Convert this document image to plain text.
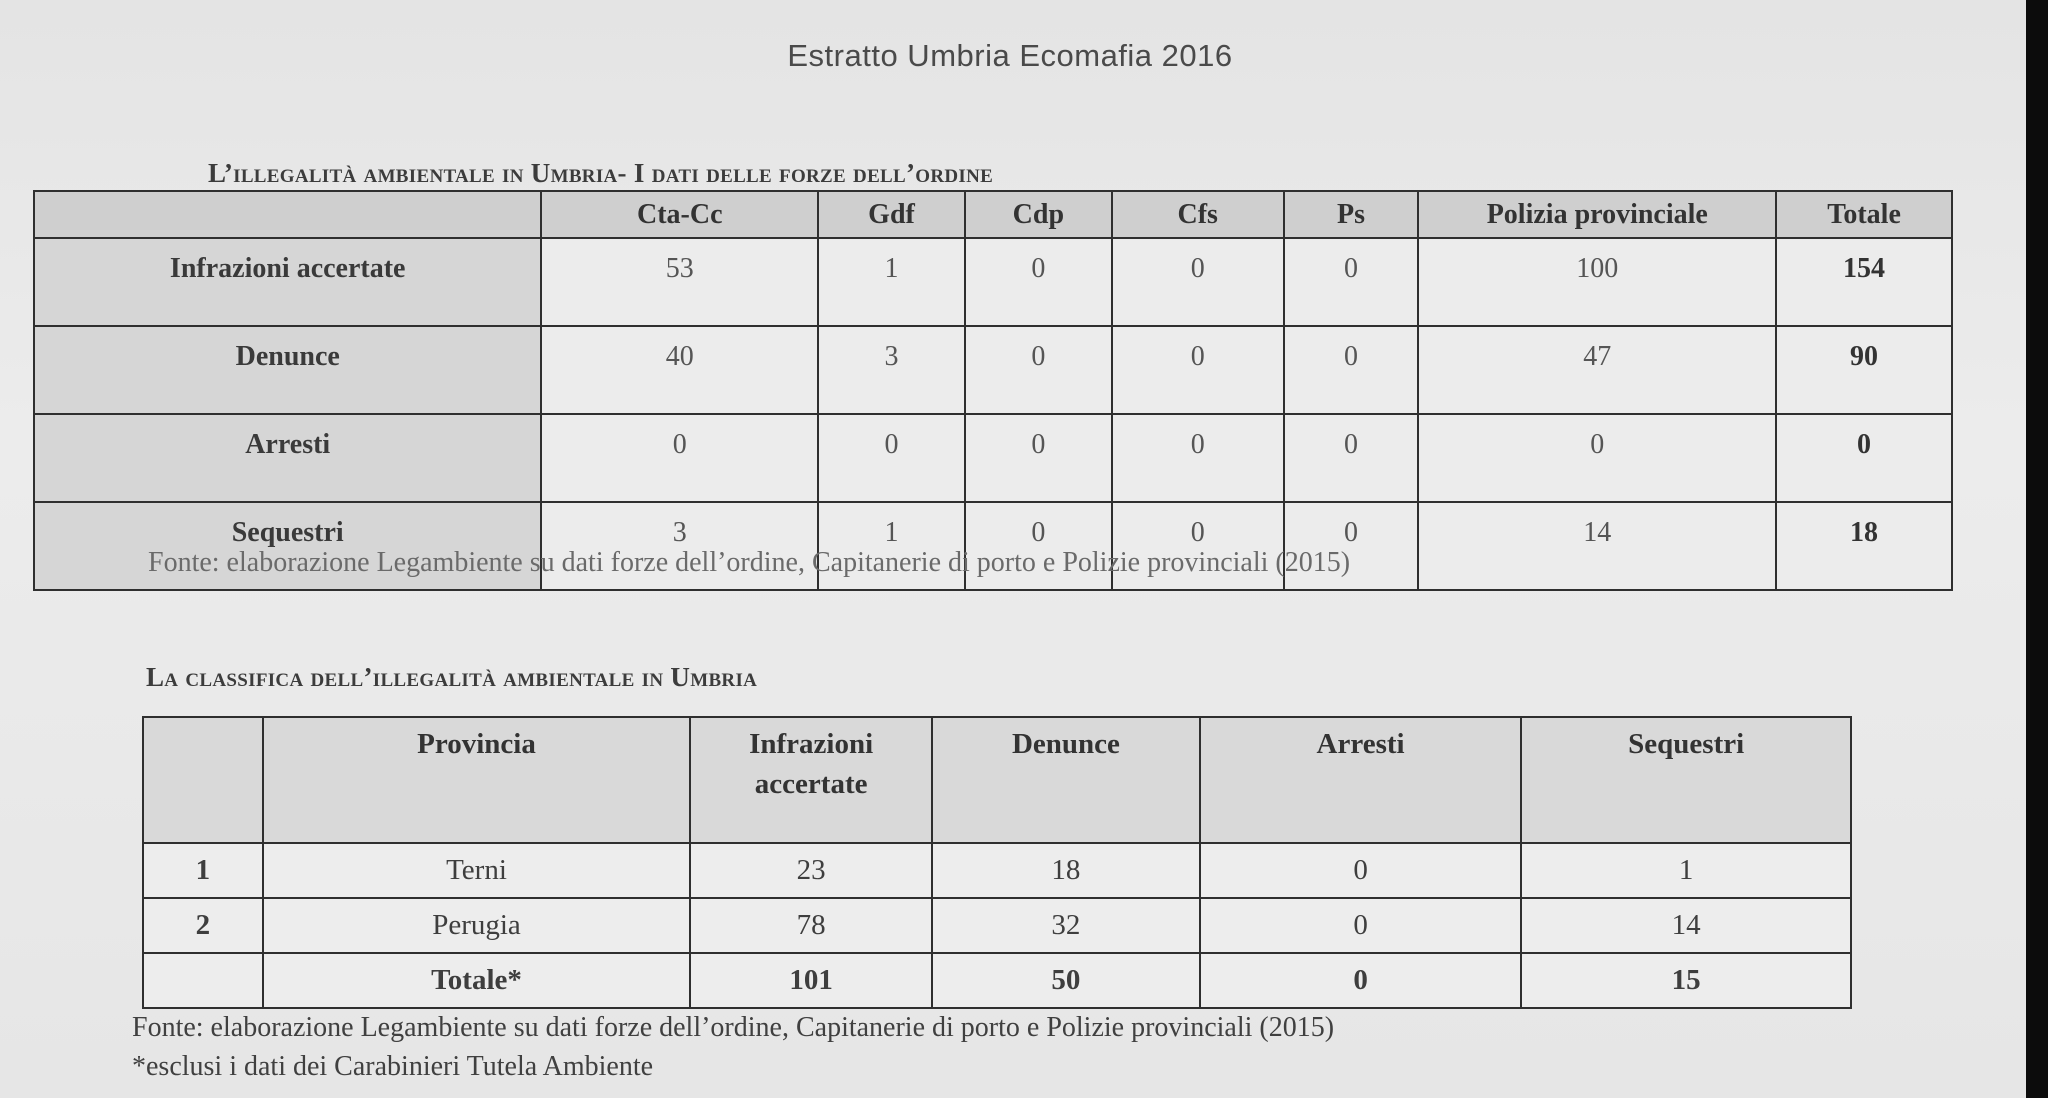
Estratto Umbria Ecomafia 2016
L’illegalità ambientale in Umbria- I dati delle forze dell’ordine
	Cta-Cc	Gdf	Cdp	Cfs	Ps	Polizia provinciale	Totale
Infrazioni accertate	53	1	0	0	0	100	154
Denunce	40	3	0	0	0	47	90
Arresti	0	0	0	0	0	0	0
Sequestri	3	1	0	0	0	14	18

Fonte: elaborazione Legambiente su dati forze dell’ordine, Capitanerie di porto e Polizie provinciali (2015)

La classifica dell’illegalità ambientale in Umbria
	Provincia	Infrazioni accertate	Denunce	Arresti	Sequestri
1	Terni	23	18	0	1
2	Perugia	78	32	0	14
	Totale*	101	50	0	15

Fonte: elaborazione Legambiente su dati forze dell’ordine, Capitanerie di porto e Polizie provinciali (2015)

*esclusi i dati dei Carabinieri Tutela Ambiente
